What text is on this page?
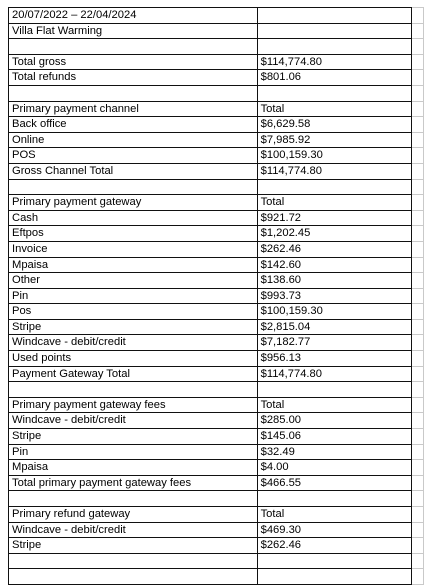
20/07/2022 – 22/04/2024		
Villa Flat Warming		

Total gross	$114,774.80	
Total refunds	$801.06	

Primary payment channel	Total	
Back office	$6,629.58	
Online	$7,985.92	
POS	$100,159.30	
Gross Channel Total	$114,774.80	

Primary payment gateway	Total	
Cash	$921.72	
Eftpos	$1,202.45	
Invoice	$262.46	
Mpaisa	$142.60	
Other	$138.60	
Pin	$993.73	
Pos	$100,159.30	
Stripe	$2,815.04	
Windcave - debit/credit	$7,182.77	
Used points	$956.13	
Payment Gateway Total	$114,774.80	

Primary payment gateway fees	Total	
Windcave - debit/credit	$285.00	
Stripe	$145.06	
Pin	$32.49	
Mpaisa	$4.00	
Total primary payment gateway fees	$466.55	

Primary refund gateway	Total	
Windcave - debit/credit	$469.30	
Stripe	$262.46	
